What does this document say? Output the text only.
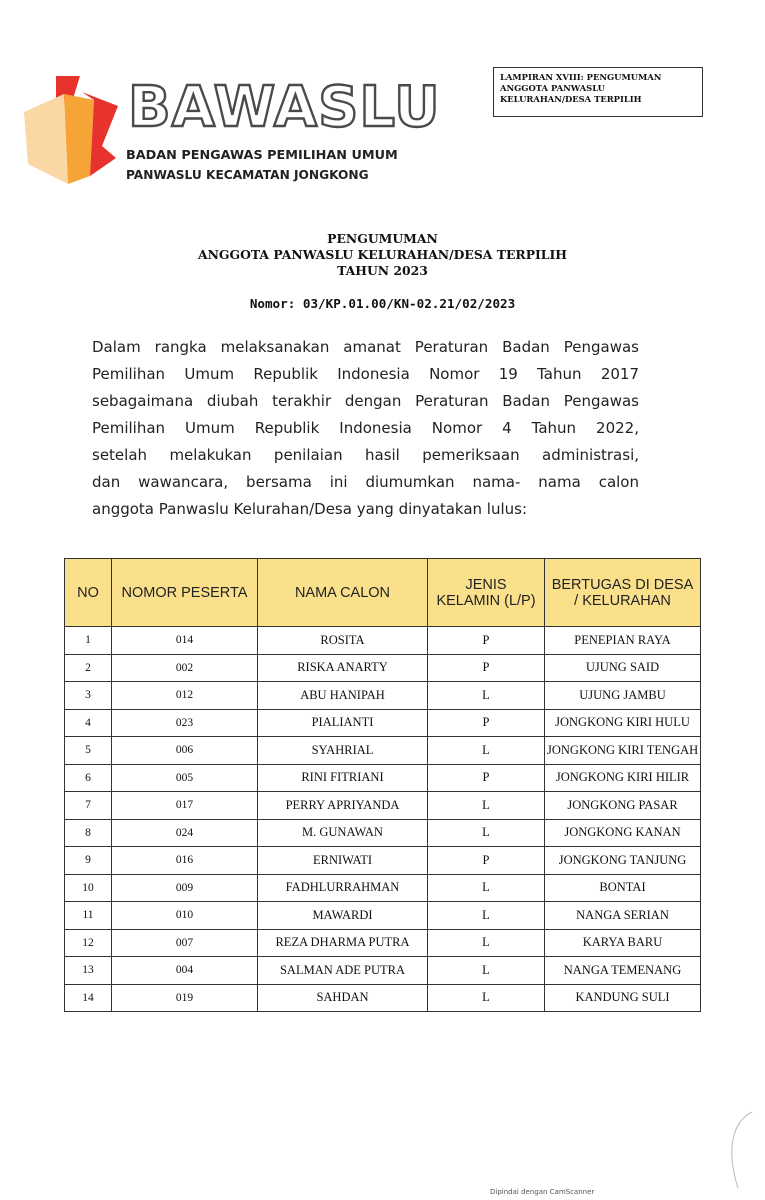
BAWASLU
BADAN PENGAWAS PEMILIHAN UMUM
PANWASLU KECAMATAN JONGKONG
LAMPIRAN XVIII: PENGUMUMAN
ANGGOTA PANWASLU
KELURAHAN/DESA TERPILIH
PENGUMUMAN
ANGGOTA PANWASLU KELURAHAN/DESA TERPILIH
TAHUN 2023
Nomor: 03/KP.01.00/KN-02.21/02/2023
Dalam rangka melaksanakan amanat Peraturan Badan Pengawas
Pemilihan Umum Republik Indonesia Nomor 19 Tahun 2017
sebagaimana diubah terakhir dengan Peraturan Badan Pengawas
Pemilihan Umum Republik Indonesia Nomor 4 Tahun 2022,
setelah melakukan penilaian hasil pemeriksaan administrasi,
dan wawancara, bersama ini diumumkan nama- nama calon
anggota Panwaslu Kelurahan/Desa yang dinyatakan lulus:
NO	NOMOR PESERTA	NAMA CALON	JENIS KELAMIN (L/P)	BERTUGAS DI DESA / KELURAHAN
1	014	ROSITA	P	PENEPIAN RAYA
2	002	RISKA ANARTY	P	UJUNG SAID
3	012	ABU HANIPAH	L	UJUNG JAMBU
4	023	PIALIANTI	P	JONGKONG KIRI HULU
5	006	SYAHRIAL	L	JONGKONG KIRI TENGAH
6	005	RINI FITRIANI	P	JONGKONG KIRI HILIR
7	017	PERRY APRIYANDA	L	JONGKONG PASAR
8	024	M. GUNAWAN	L	JONGKONG KANAN
9	016	ERNIWATI	P	JONGKONG TANJUNG
10	009	FADHLURRAHMAN	L	BONTAI
11	010	MAWARDI	L	NANGA SERIAN
12	007	REZA DHARMA PUTRA	L	KARYA BARU
13	004	SALMAN ADE PUTRA	L	NANGA TEMENANG
14	019	SAHDAN	L	KANDUNG SULI
Dipindai dengan CamScanner
